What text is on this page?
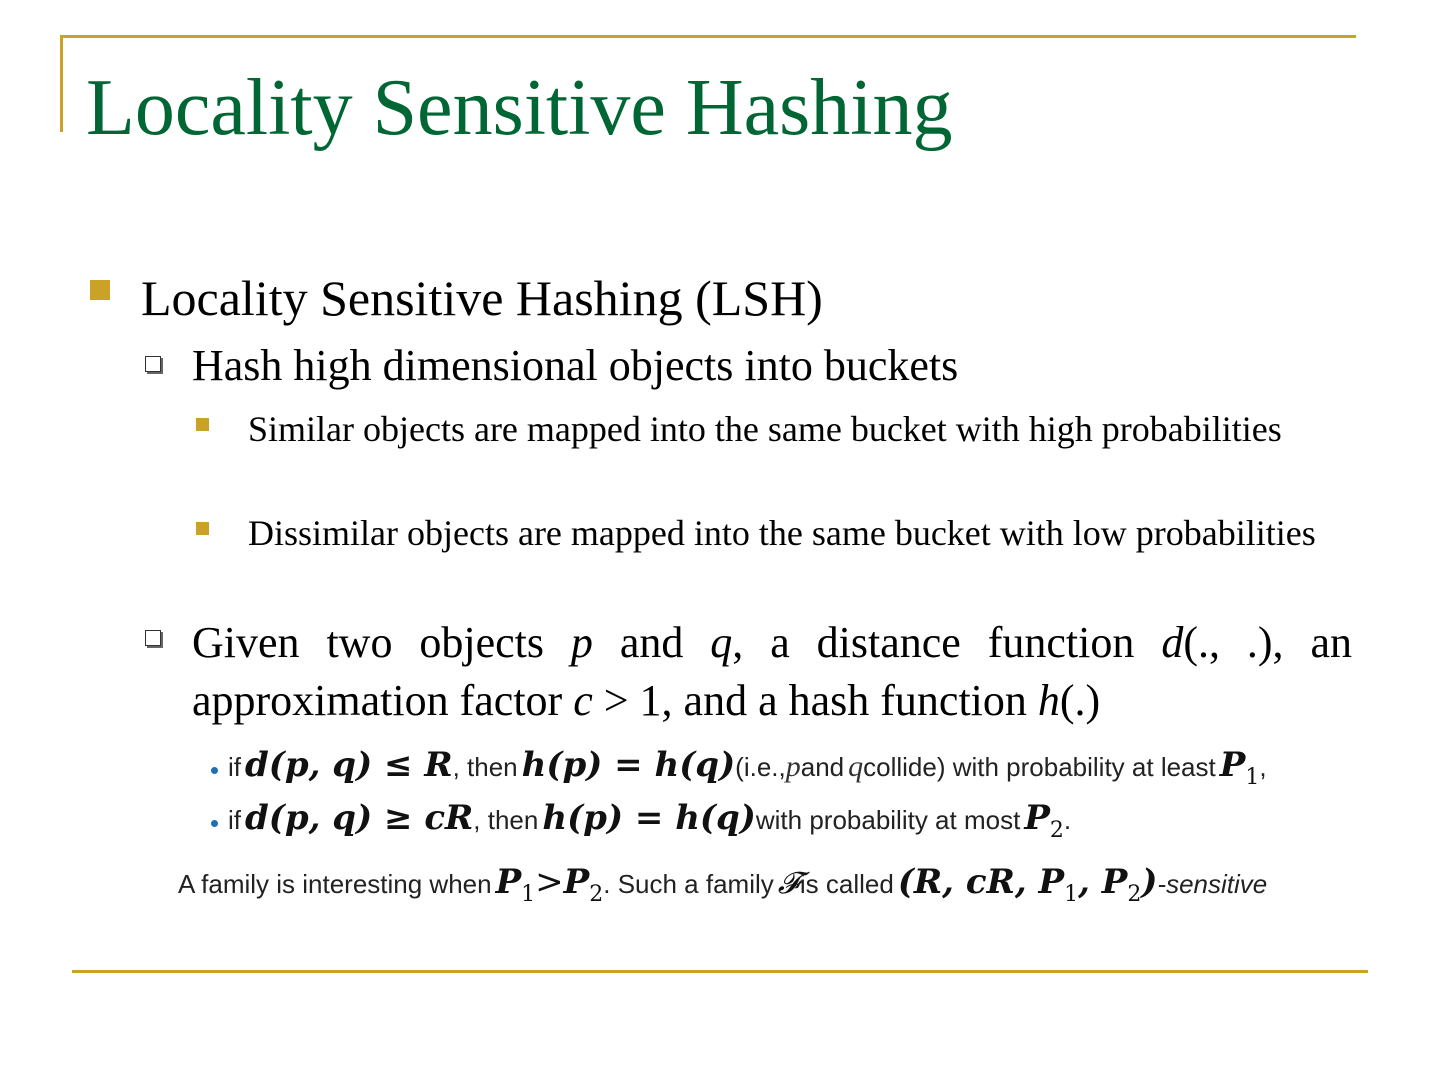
Locality Sensitive Hashing
Locality Sensitive Hashing (LSH)
Hash high dimensional objects into buckets
Similar objects are mapped into the same bucket with high probabilities
Dissimilar objects are mapped into the same bucket with low probabilities
Given two objects p and q, a distance function d(., .), an approximation factor c > 1, and a hash function h(.)
if
d(p, q) ≤ R , then
h(p) = h(q) (i.e., p and
q collide) with probability at least
$P_1$ ,
if
d(p, q) ≥ cR , then
h(p) = h(q) with probability at most
$P_2$ .
A family is interesting when
$P_1 > P_2$ . Such a family
𝓕 is called
(R, cR, $P_1$, $P_2$) -sensitive
